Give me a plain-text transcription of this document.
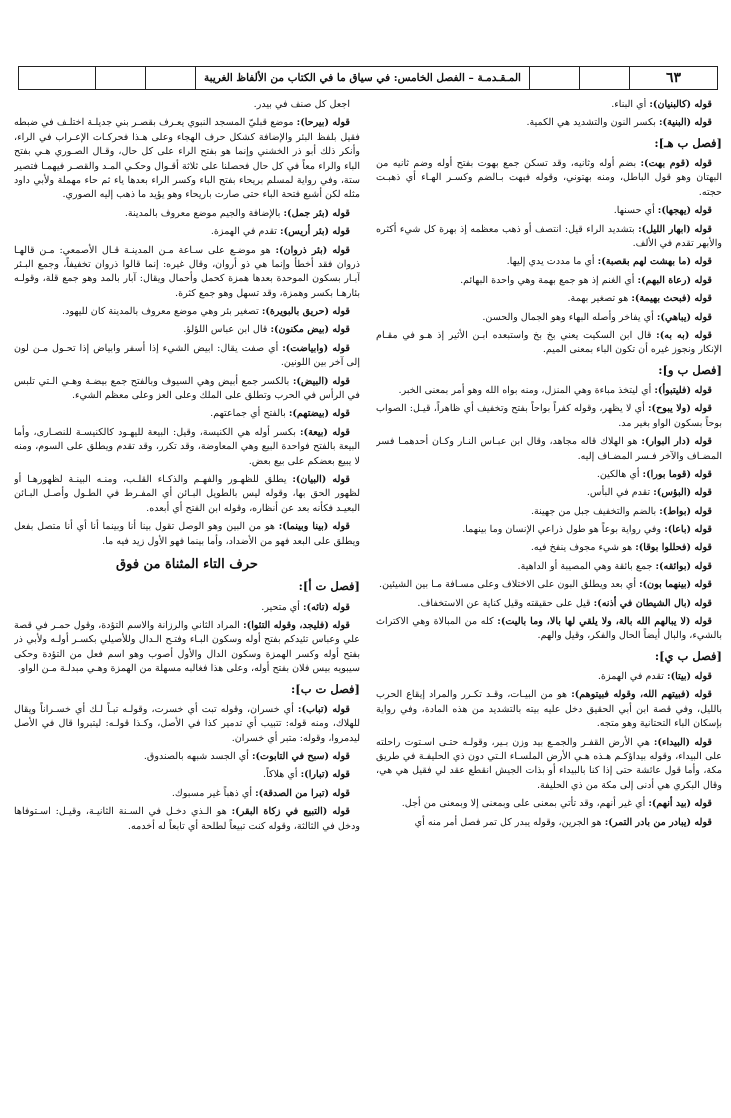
٦٣
المـقـدمـة – الفصل الخامس: في سياق ما في الكتاب من الألفاظ الغريبة

قوله (كالبنيان): أي البناء.

قوله (البنية): بكسر النون والتشديد هي الكمية.

[فصل ب هـ]:

قوله (قوم بهت): بضم أوله وثانيه، وقد تسكن جمع بهوت بفتح أوله وضم ثانيه من البهتان وهو قول الباطل، ومنه بهتوني، وقوله فبهت بـالضم وكسـر الهـاء أي ذهبـت حجته.

قوله (يهجها): أي حسنها.

قوله (ابهار الليل): بتشديد الراء قيل: انتصف أو ذهب معظمه إذ بهرة كل شيء أكثره والأبهر تقدم في الألف.

قوله (ما بهشت لهم بقصبة): أي ما مددت يدي إليها.

قوله (رعاة البهم): أي الغنم إذ هو جمع بهمة وهي واحدة البهائم.

قوله (فبحث بهيمة): هو تصغير بهمة.

قوله (يباهي): أي يفاخر وأصله البهاء وهو الجمال والحسن.

قوله (به به): قال ابن السكيت يعني بخ بخ واستبعده ابـن الأثير إذ هـو في مقـام الإنكار ونجوز غيره أن تكون الباء بمعنى الميم.

[فصل ب و]:

قوله (فليتبوأ): أي ليتخذ مباءة وهي المنزل، ومنه بواه الله وهو أمر بمعنى الخبر.

قوله (ولا يبوح): أي لا يظهر، وقوله كفراً بواحاً بفتح وتخفيف أي ظاهراً، قيـل: الصواب بوحاً بسكون الواو بغير مد.

قوله (دار البوار): هو الهلاك قاله مجاهد، وقال ابن عبـاس النـار وكـان أحدهمـا فسر المضـاف والآخر فـسر المضـاف إليه.

قوله (قوما بورا): أي هالكين.

قوله (البؤس): تقدم في البأس.

قوله (بواط): بالضم والتخفيف جبل من جهينة.

قوله (باعا): وفي رواية بوعاً هو طول ذراعي الإنسان وما بينهما.

قوله (فحللوا بوقا): هو شيء مجوف ينفخ فيه.

قوله (بوائقه): جمع بائقة وهي المصيبة أو الداهية.

قوله (بينهما بون): أي بعد ويطلق البون على الاختلاف وعلى مسـافة مـا بين الشيئين.

قوله (بال الشيطان في أذنه): قيل على حقيقته وقيل كناية عن الاستخفاف.

قوله (لا يبالهم الله بالة، ولا يلقي لها بالا، وما باليت): كله من المبالاة وهي الاكتراث بالشيء، والبال أيضاً الحال والفكر، وقيل والهم.

[فصل ب ي]:

قوله (بيتا): تقدم في الهمزة.

قوله (فبيتهم الله، وقوله فبيتوهم): هو من البيـات، وقـد تكـرر والمراد إيقاع الحرب بالليل، وفي قصة ابن أبي الحقيق دخل عليه بيته بالتشديد من هذه المادة، وفي رواية بإسكان الباء التحتانية وهو متجه.

قوله (البيداء): هي الأرض القفـر والجمـع بيد وزن بـير، وقولـه حتـى اسـتوت راحلته على البيداء، وقوله بيداؤكـم هـذه هـي الأرض الملسـاء الـتي دون ذي الحليفـة في طريق مكة، وأما قول عائشة حتى إذا كنا بالبيداء أو بذات الجيش انقطع عقد لي فقيل هي هي، وقال البكري هي أدنى إلى مكة من ذي الحليفة.

قوله (بيد أنهم): أي غير أنهم، وقد تأتي بمعنى على وبمعنى إلا وبمعنى من أجل.

قوله (يبادر من بادر التمر): هو الجرين، وقوله يبدر كل تمر فصل أمر منه أي

اجعل كل صنف في بيدر.

قوله (بيرحا): موضع قبليّ المسجد النبوي يعـرف بقصـر بني جديلـة اختلـف في ضبطه فقيل بلفظ البئر والإضافة كشكل حرف الهجاء وعلى هـذا فحركـات الإعـراب في الراء، وأنكر ذلك أبو ذر الخشني وإنما هو بفتح الراء على كل حال، وقـال الصـوري هـي بفتح الباء والراء معاً في كل حال فحصلنا على ثلاثة أقـوال وحكـي المـد والقصـر فيهمـا فتصير ستة، وفي رواية لمسلم بريحاء بفتح الباء وكسر الراء بعدها ياء ثم حاء مهملة ولأبي داود مثله لكن أشبع فتحة الباء حتى صارت باريحاء وهو يؤيد ما ذهب إليه الصوري.

قوله (بئر جمل): بالإضافة والجيم موضع معروف بالمدينة.

قوله (بئر أريس): تقدم في الهمزة.

قوله (بئر ذروان): هو موضـع على سـاعة مـن المدينـة قـال الأصمعي: مـن قالهـا ذروان فقد أخطأ وإنما هي ذو أروان، وقال غيره: إنما قالوا ذروان تخفيفاً، وجمع البـئر آبـار بسكون الموحدة بعدها همزة كحمل وأحمال ويقال: آبار بالمد وهو جمع قلة، وقولـه بئارهـا بكسر وهمزة، وقد تسهل وهو جمع كثرة.

قوله (حريق بالبويرة): تصغير بئر وهي موضع معروف بالمدينة كان لليهود.

قوله (بيض مكنون): قال ابن عباس اللؤلؤ.

قوله (وابياضت): أي صفت يقال: ابيض الشيء إذا أسفر وابياض إذا تحـول مـن لون إلى آخر بين اللونين.

قوله (البيض): بالكسر جمع أبيض وهي السيوف وبالفتح جمع بيضـة وهـي الـتي تلبس في الرأس في الحرب وتطلق على الملك وعلى العز وعلى معظم الشيء.

قوله (بيضتهم): بالفتح أي جماعتهم.

قوله (بيعة): بكسر أوله هي الكنيسة، وقيل: البيعة لليهـود كالكنيسـة للنصـارى، وأما البيعة بالفتح فواحدة البيع وهي المعاوضة، وقد تكرر، وقد تقدم ويطلق على السوم، ومنه لا يبيع بعضكم على بيع بعض.

قوله (البيان): يطلق للظهـور والفهـم والذكـاء القلـب، ومنـه البينـة لظهورهـا أو لظهور الحق بها، وقوله ليس بالطويل البـائن أي المفـرط في الطـول وأصـل البـائن البعيـد فكأنه بعد عن أنظاره، وقوله ابن الفتح أي أبعده.

قوله (بينا وبينما): هو من البين وهو الوصل تقول بينا أنا وبينما أنا أي أنا متصل بفعل ويطلق على البعد فهو من الأضداد، وأما بينما فهو الأول زيد فيه ما.

حرف التاء المثناة من فوق
[فصل ت أ]:

قوله (تائه): أي متحير.

قوله (فليجد، وقوله التئوا): المراد الثاني والرزانة والاسم التؤدة، وقول حمـر في قصة علي وعباس تئيدكم بفتح أوله وسكون البـاء وفتـح الـدال وللأصيلي بكسـر أولـه ولأبي ذر بفتح أوله وكسر الهمزة وسكون الدال والأول أصوب وهو اسم فعل من التؤدة وحكى سيبويه بيس فلان بفتح أوله، وعلى هذا فغالبه مسهلة من الهمزة وهـي مبدلـة مـن الواو.

[فصل ت ب]:

قوله (تباب): أي خسران، وقوله تبت أي خسرت، وقولـه تبـاً لـك أي خسـراناً ويقال للهلاك، ومنه قوله: تتبيب أي تدمير كذا في الأصل، وكـذا قولـه: ليتبروا قال في الأصل ليدمروا، وقوله: متبر أي خسران.

قوله (سبح في التابوت): أي الجسد شبهه بالصندوق.

قوله (تبارا): أي هلاكاً.

قوله (تبرا من الصدقة): أي ذهباً غير مسبوك.

قوله (التبيع في زكاة البقر): هو الـذي دخـل في السـنة الثانيـة، وقيـل: اسـتوفاها ودخل في الثالثة، وقوله كنت تبيعاً لطلحة أي تابعاً له أخدمه.
